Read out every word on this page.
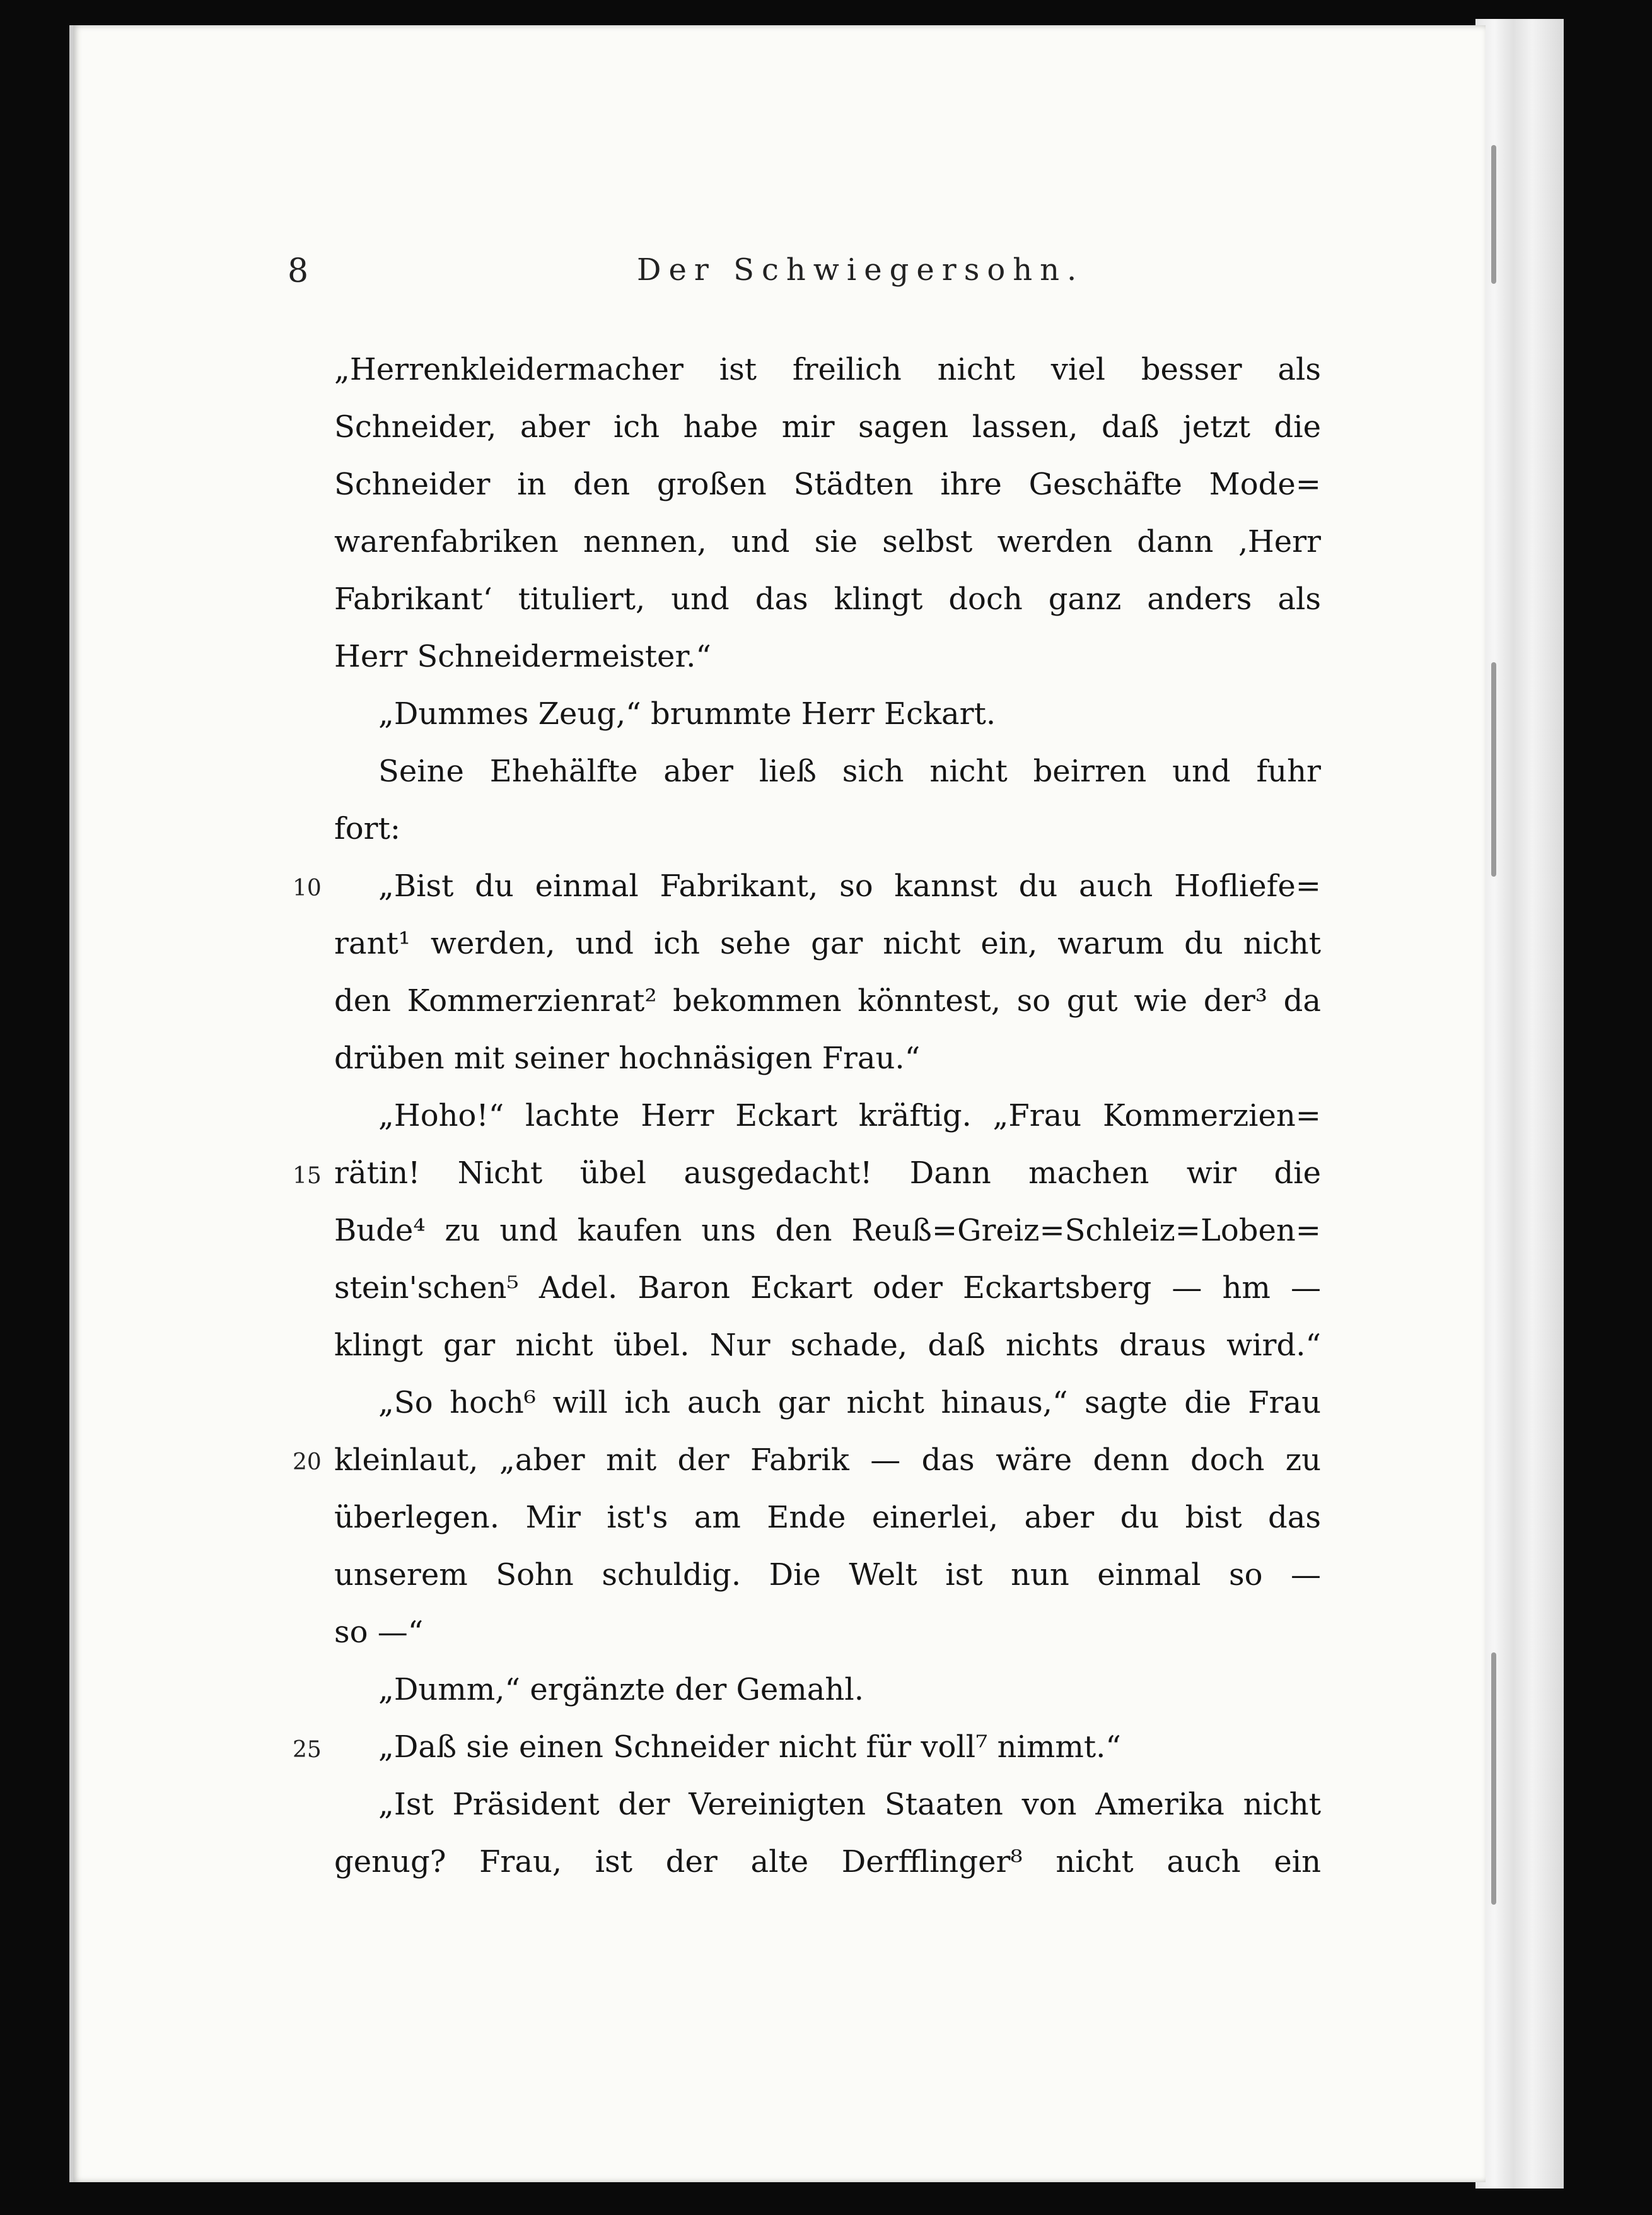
8	Der Schwiegersohn.
„Herrenkleidermacher ist freilich nicht viel besser als
Schneider, aber ich habe mir sagen lassen, daß jetzt die
Schneider in den großen Städten ihre Geschäfte Mode=
warenfabriken nennen, und sie selbst werden dann ‚Herr
Fabrikant‘ tituliert, und das klingt doch ganz anders als
Herr Schneidermeister.“
„Dummes Zeug,“ brummte Herr Eckart.
Seine Ehehälfte aber ließ sich nicht beirren und fuhr
fort:
„Bist du einmal Fabrikant, so kannst du auch Hofliefe=
rant¹ werden, und ich sehe gar nicht ein, warum du nicht
den Kommerzienrat² bekommen könntest, so gut wie der³ da
drüben mit seiner hochnäsigen Frau.“
„Hoho!“ lachte Herr Eckart kräftig. „Frau Kommerzien=
rätin! Nicht übel ausgedacht! Dann machen wir die
Bude⁴ zu und kaufen uns den Reuß=Greiz=Schleiz=Loben=
stein'schen⁵ Adel. Baron Eckart oder Eckartsberg — hm —
klingt gar nicht übel. Nur schade, daß nichts draus wird.“
„So hoch⁶ will ich auch gar nicht hinaus,“ sagte die Frau
kleinlaut, „aber mit der Fabrik — das wäre denn doch zu
überlegen. Mir ist's am Ende einerlei, aber du bist das
unserem Sohn schuldig. Die Welt ist nun einmal so —
so —“
„Dumm,“ ergänzte der Gemahl.
„Daß sie einen Schneider nicht für voll⁷ nimmt.“
„Ist Präsident der Vereinigten Staaten von Amerika nicht
genug? Frau, ist der alte Derfflinger⁸ nicht auch ein
10
15
20
25
